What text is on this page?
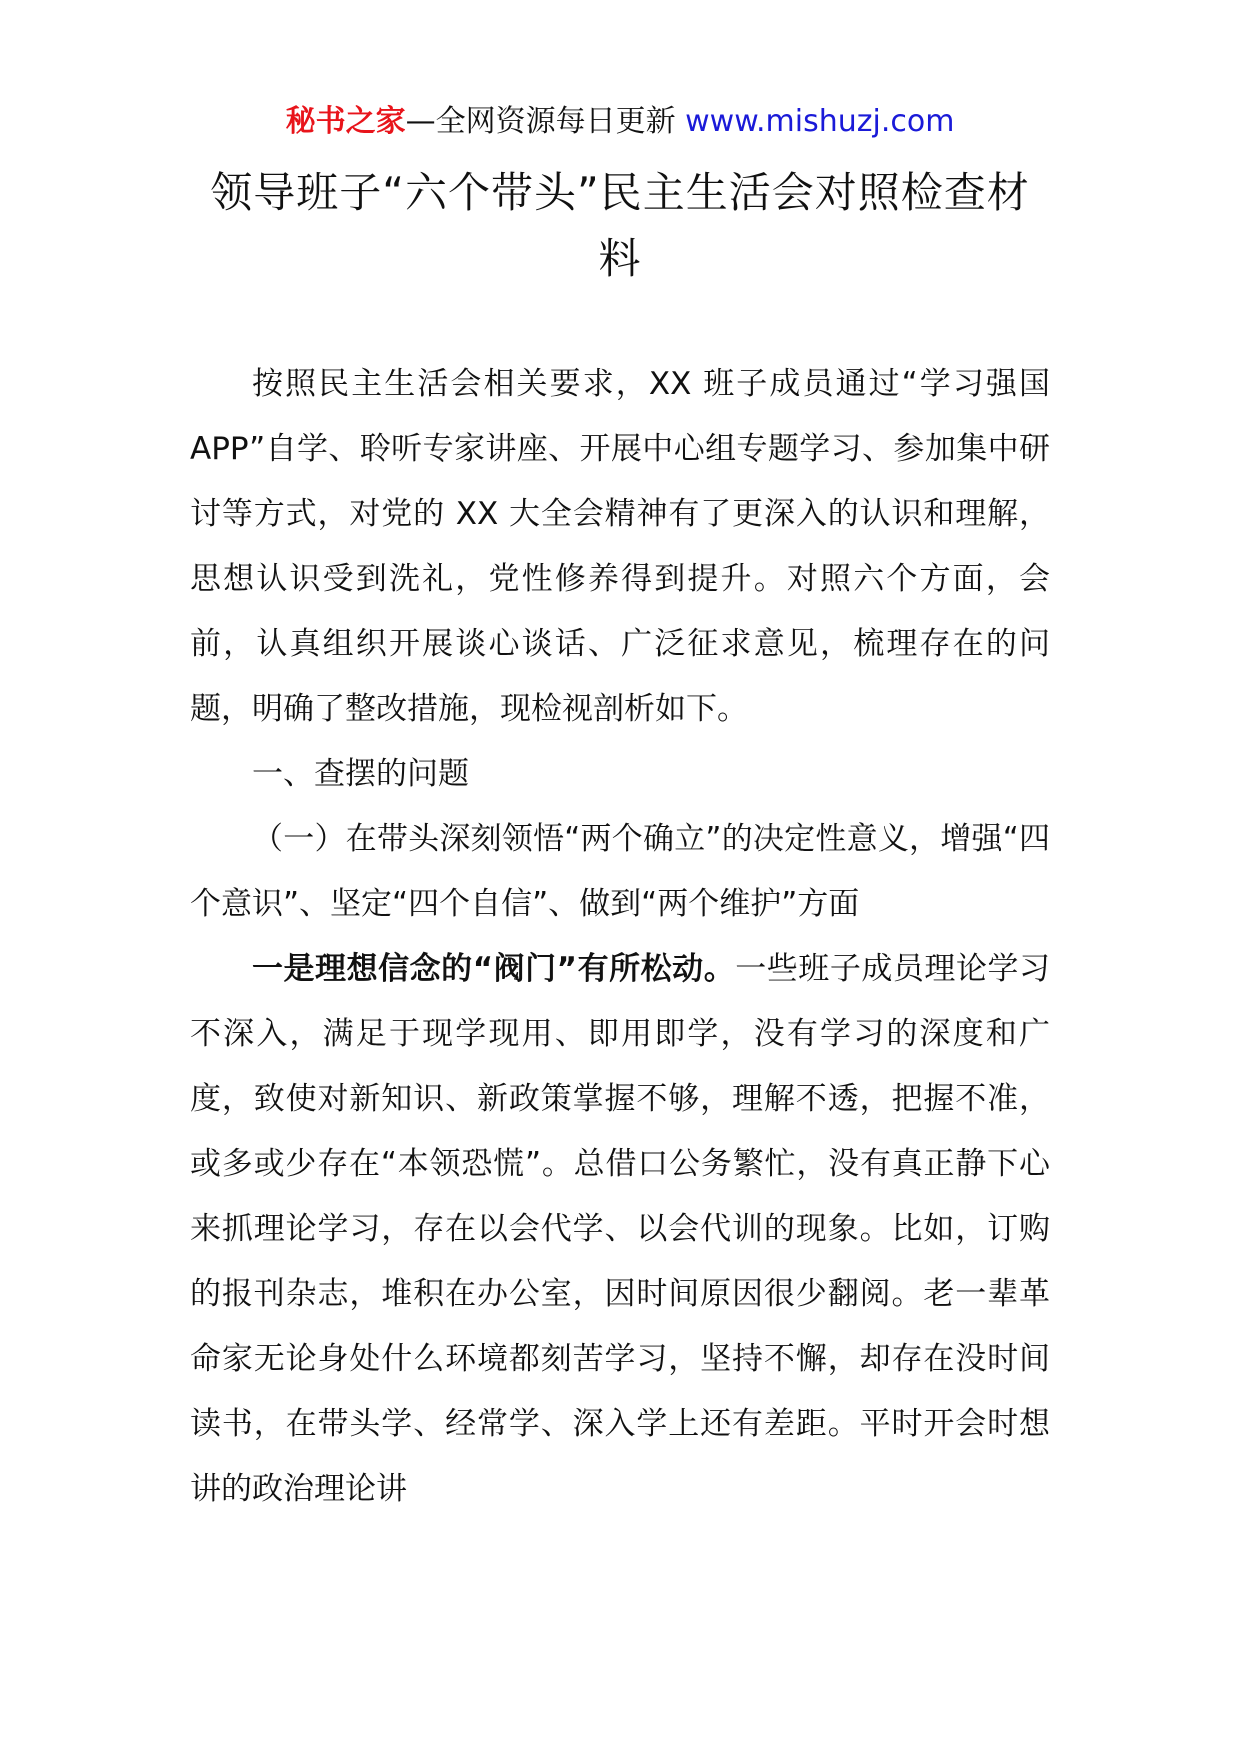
秘书之家—全网资源每日更新 www.mishuzj.com
领导班子“六个带头”民主生活会对照检查材料

按照民主生活会相关要求，XX 班子成员通过“学习强国 APP”自学、聆听专家讲座、开展中心组专题学习、参加集中研讨等方式，对党的 XX 大全会精神有了更深入的认识和理解，思想认识受到洗礼，党性修养得到提升。对照六个方面，会前，认真组织开展谈心谈话、广泛征求意见，梳理存在的问题，明确了整改措施，现检视剖析如下。

一、查摆的问题

（一）在带头深刻领悟“两个确立”的决定性意义，增强“四个意识”、坚定“四个自信”、做到“两个维护”方面

一是理想信念的“阀门”有所松动。一些班子成员理论学习不深入，满足于现学现用、即用即学，没有学习的深度和广度，致使对新知识、新政策掌握不够，理解不透，把握不准，或多或少存在“本领恐慌”。总借口公务繁忙，没有真正静下心来抓理论学习，存在以会代学、以会代训的现象。比如，订购的报刊杂志，堆积在办公室，因时间原因很少翻阅。老一辈革命家无论身处什么环境都刻苦学习，坚持不懈，却存在没时间读书，在带头学、经常学、深入学上还有差距。平时开会时想讲的政治理论讲
